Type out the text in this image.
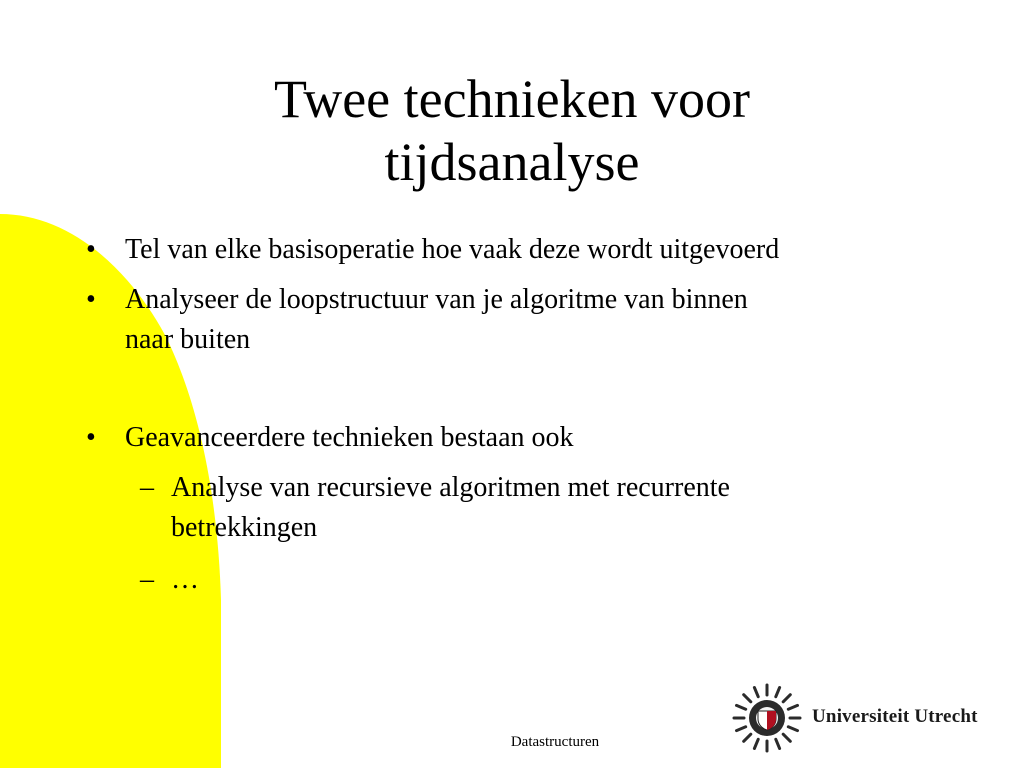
Twee technieken voor
tijdsanalyse
• Tel van elke basisoperatie hoe vaak deze wordt uitgevoerd
• Analyseer de loopstructuur van je algoritme van binnen
naar buiten
• Geavanceerdere technieken bestaan ook
– Analyse van recursieve algoritmen met recurrente
betrekkingen
– …
Datastructuren
Universiteit Utrecht
